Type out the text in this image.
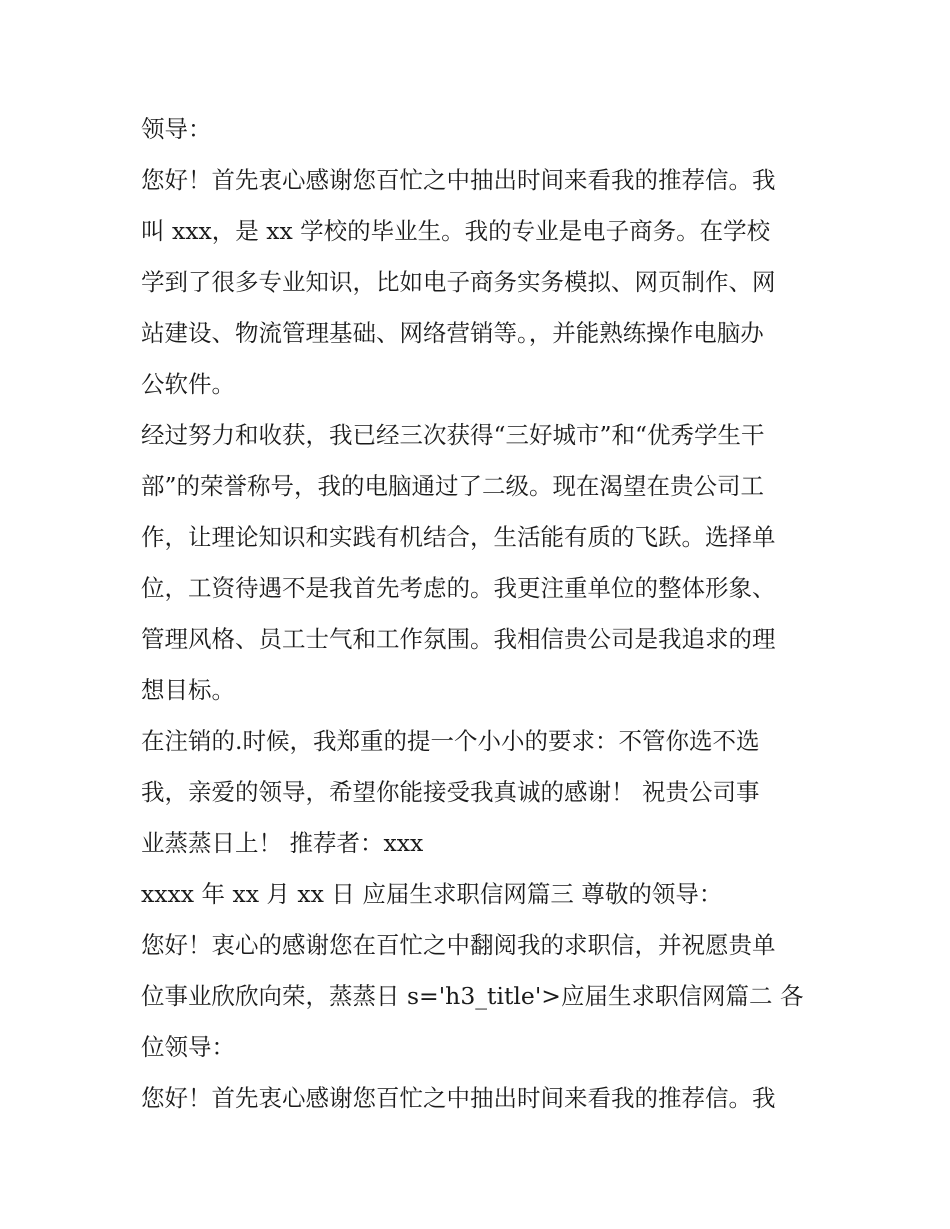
领导：

您好！首先衷心感谢您百忙之中抽出时间来看我的推荐信。我

叫 xxx，是 xx 学校的毕业生。我的专业是电子商务。在学校

学到了很多专业知识，比如电子商务实务模拟、网页制作、网

站建设、物流管理基础、网络营销等。，并能熟练操作电脑办

公软件。

经过努力和收获，我已经三次获得“三好城市”和“优秀学生干

部”的荣誉称号，我的电脑通过了二级。现在渴望在贵公司工

作，让理论知识和实践有机结合，生活能有质的飞跃。选择单

位，工资待遇不是我首先考虑的。我更注重单位的整体形象、

管理风格、员工士气和工作氛围。我相信贵公司是我追求的理

想目标。

在注销的.时候，我郑重的提一个小小的要求：不管你选不选

我，亲爱的领导，希望你能接受我真诚的感谢！ 祝贵公司事

业蒸蒸日上！ 推荐者：xxx

xxxx 年 xx 月 xx 日 应届生求职信网篇三 尊敬的领导：

您好！衷心的感谢您在百忙之中翻阅我的求职信，并祝愿贵单

位事业欣欣向荣，蒸蒸日 s='h3_title'>应届生求职信网篇二 各

位领导：

您好！首先衷心感谢您百忙之中抽出时间来看我的推荐信。我
